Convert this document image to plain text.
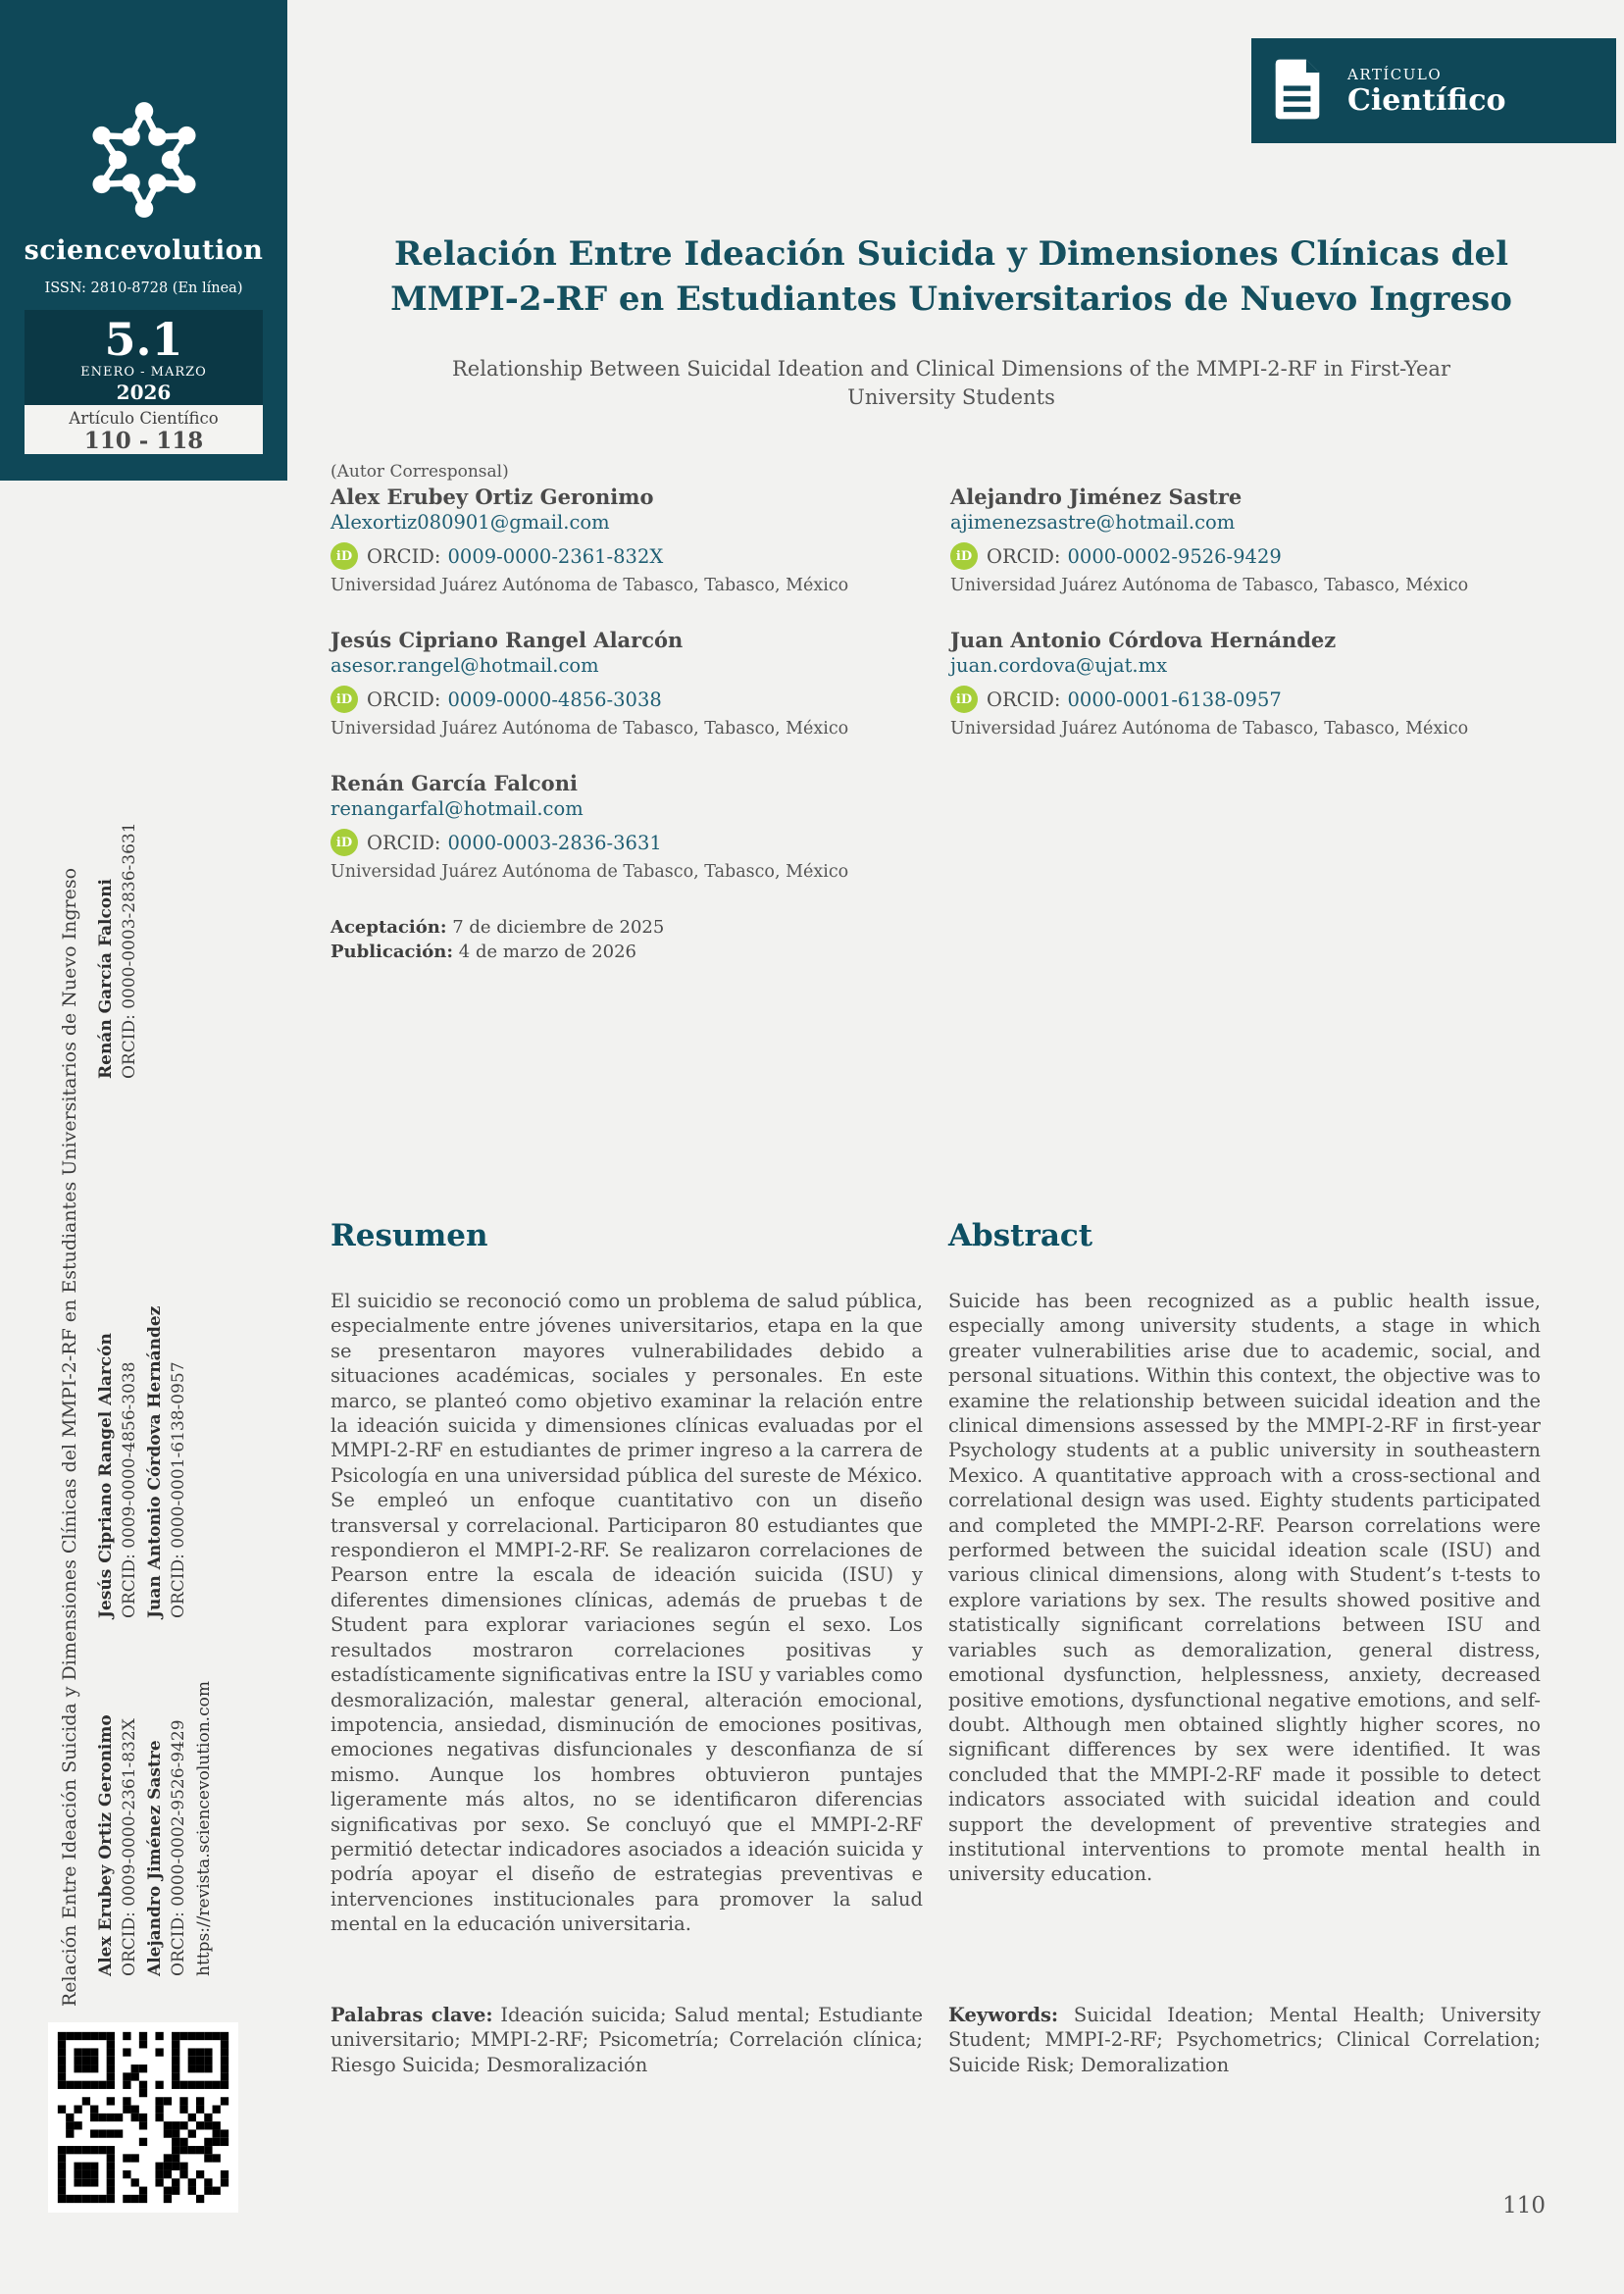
sciencevolution
ISSN: 2810-8728 (En línea)
5.1
ENERO - MARZO
2026
Artículo Científico
110 - 118
ARTÍCULO
Científico
Relación Entre Ideación Suicida y Dimensiones Clínicas del MMPI-2-RF en Estudiantes Universitarios de Nuevo Ingreso
Relationship Between Suicidal Ideation and Clinical Dimensions of the MMPI-2-RF in First-Year University Students
(Autor Corresponsal)
Alex Erubey Ortiz Geronimo
Alexortiz080901@gmail.com
iD ORCID: 0009-0000-2361-832X
Universidad Juárez Autónoma de Tabasco, Tabasco, México
Alejandro Jiménez Sastre
ajimenezsastre@hotmail.com
iD ORCID: 0000-0002-9526-9429
Universidad Juárez Autónoma de Tabasco, Tabasco, México
Jesús Cipriano Rangel Alarcón
asesor.rangel@hotmail.com
iD ORCID: 0009-0000-4856-3038
Universidad Juárez Autónoma de Tabasco, Tabasco, México
Juan Antonio Córdova Hernández
juan.cordova@ujat.mx
iD ORCID: 0000-0001-6138-0957
Universidad Juárez Autónoma de Tabasco, Tabasco, México
Renán García Falconi
renangarfal@hotmail.com
iD ORCID: 0000-0003-2836-3631
Universidad Juárez Autónoma de Tabasco, Tabasco, México
Aceptación: 7 de diciembre de 2025
Publicación: 4 de marzo de 2026
Resumen
El suicidio se reconoció como un problema de salud pública, especialmente entre jóvenes universitarios, etapa en la que se presentaron mayores vulnerabilidades debido a situaciones académicas, sociales y personales. En este marco, se planteó como objetivo examinar la relación entre la ideación suicida y dimensiones clínicas evaluadas por el MMPI-2-RF en estudiantes de primer ingreso a la carrera de Psicología en una universidad pública del sureste de México. Se empleó un enfoque cuantitativo con un diseño transversal y correlacional. Participaron 80 estudiantes que respondieron el MMPI-2-RF. Se realizaron correlaciones de Pearson entre la escala de ideación suicida (ISU) y diferentes dimensiones clínicas, además de pruebas t de Student para explorar variaciones según el sexo. Los resultados mostraron correlaciones positivas y estadísticamente significativas entre la ISU y variables como desmoralización, malestar general, alteración emocional, impotencia, ansiedad, disminución de emociones positivas, emociones negativas disfuncionales y desconfianza de sí mismo. Aunque los hombres obtuvieron puntajes ligeramente más altos, no se identificaron diferencias significativas por sexo. Se concluyó que el MMPI-2-RF permitió detectar indicadores asociados a ideación suicida y podría apoyar el diseño de estrategias preventivas e intervenciones institucionales para promover la salud mental en la educación universitaria.
Palabras clave: Ideación suicida; Salud mental; Estudiante universitario; MMPI-2-RF; Psicometría; Correlación clínica; Riesgo Suicida; Desmoralización
Abstract
Suicide has been recognized as a public health issue, especially among university students, a stage in which greater vulnerabilities arise due to academic, social, and personal situations. Within this context, the objective was to examine the relationship between suicidal ideation and the clinical dimensions assessed by the MMPI-2-RF in first-year Psychology students at a public university in southeastern Mexico. A quantitative approach with a cross-sectional and correlational design was used. Eighty students participated and completed the MMPI-2-RF. Pearson correlations were performed between the suicidal ideation scale (ISU) and various clinical dimensions, along with Student’s t-tests to explore variations by sex. The results showed positive and statistically significant correlations between ISU and variables such as demoralization, general distress, emotional dysfunction, helplessness, anxiety, decreased positive emotions, dysfunctional negative emotions, and self-doubt. Although men obtained slightly higher scores, no significant differences by sex were identified. It was concluded that the MMPI-2-RF made it possible to detect indicators associated with suicidal ideation and could support the development of preventive strategies and institutional interventions to promote mental health in university education.
Keywords: Suicidal Ideation; Mental Health; University Student; MMPI-2-RF; Psychometrics; Clinical Correlation; Suicide Risk; Demoralization
Relación Entre Ideación Suicida y Dimensiones Clínicas del MMPI-2-RF en Estudiantes Universitarios de Nuevo Ingreso Alex Erubey Ortiz Geronimo ORCID: 0009-0000-2361-832X Alejandro Jiménez Sastre ORCID: 0000-0002-9526-9429 https://revista.sciencevolution.com
Jesús Cipriano Rangel Alarcón ORCID: 0009-0000-4856-3038 Juan Antonio Córdova Hernández ORCID: 0000-0001-6138-0957
Renán García Falconi ORCID: 0000-0003-2836-3631
110
